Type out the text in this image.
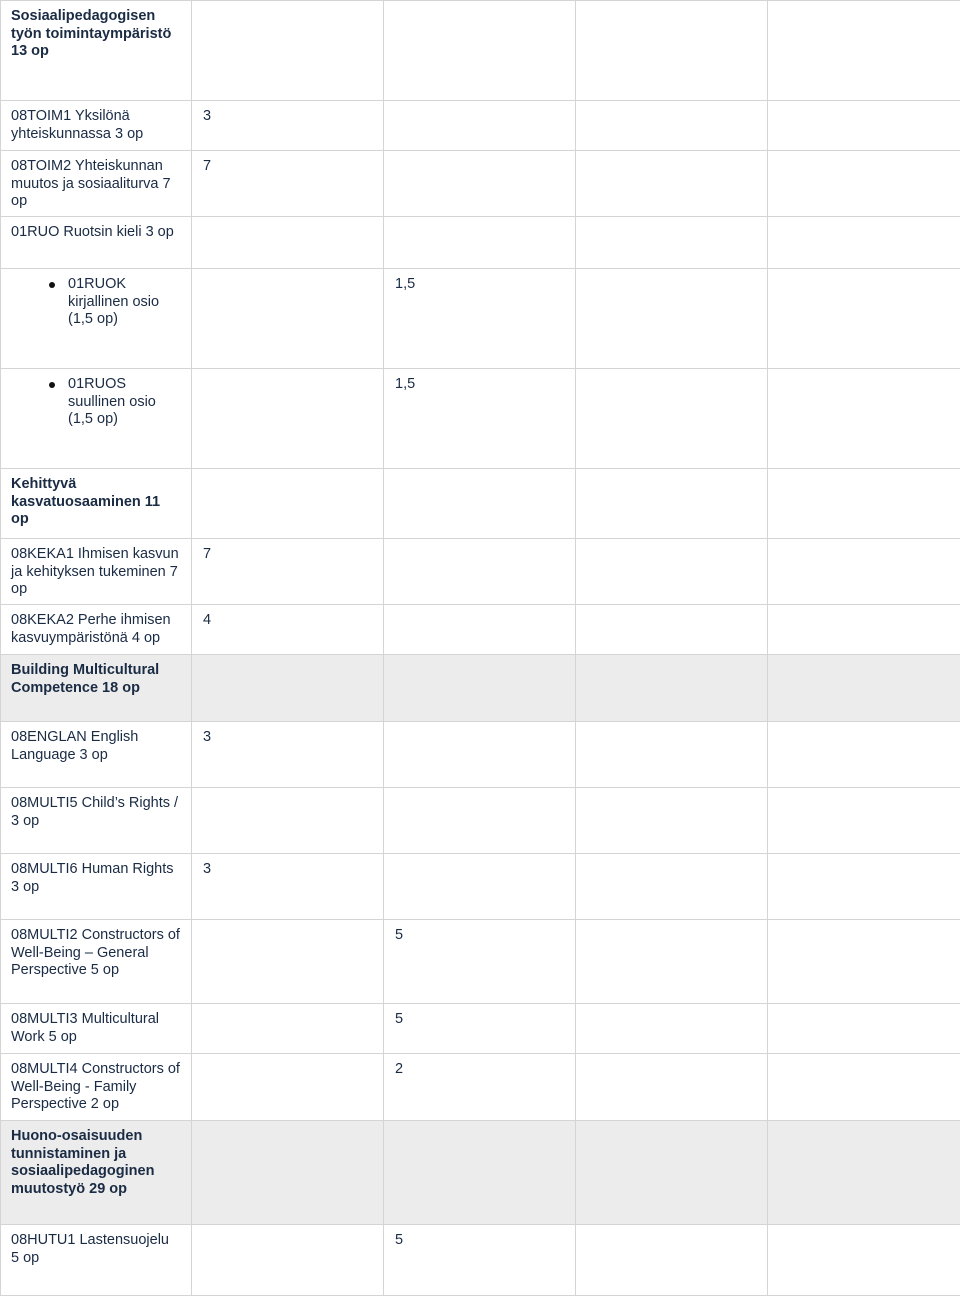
Sosiaalipedagogisen työn toimintaympäristö 13 op				
08TOIM1 Yksilönä yhteiskunnassa 3 op	3			
08TOIM2 Yhteiskunnan muutos ja sosiaaliturva 7 op	7			
01RUO Ruotsin kieli 3 op				

01RUOK kirjallinen osio (1,5 op)		1,5		

01RUOS suullinen osio (1,5 op)		1,5		
Kehittyvä kasvatuosaaminen 11 op				
08KEKA1 Ihmisen kasvun ja kehityksen tukeminen 7 op	7			
08KEKA2 Perhe ihmisen kasvuympäristönä 4 op	4			
Building Multicultural Competence 18 op				
08ENGLAN English Language 3 op	3			
08MULTI5 Child’s Rights / 3 op				
08MULTI6 Human Rights 3 op	3			
08MULTI2 Constructors of Well-Being – General Perspective 5 op		5		
08MULTI3 Multicultural Work 5 op		5		
08MULTI4 Constructors of Well-Being - Family Perspective 2 op		2		
Huono-osaisuuden tunnistaminen ja sosiaalipedagoginen muutostyö 29 op				
08HUTU1 Lastensuojelu 5 op		5		
